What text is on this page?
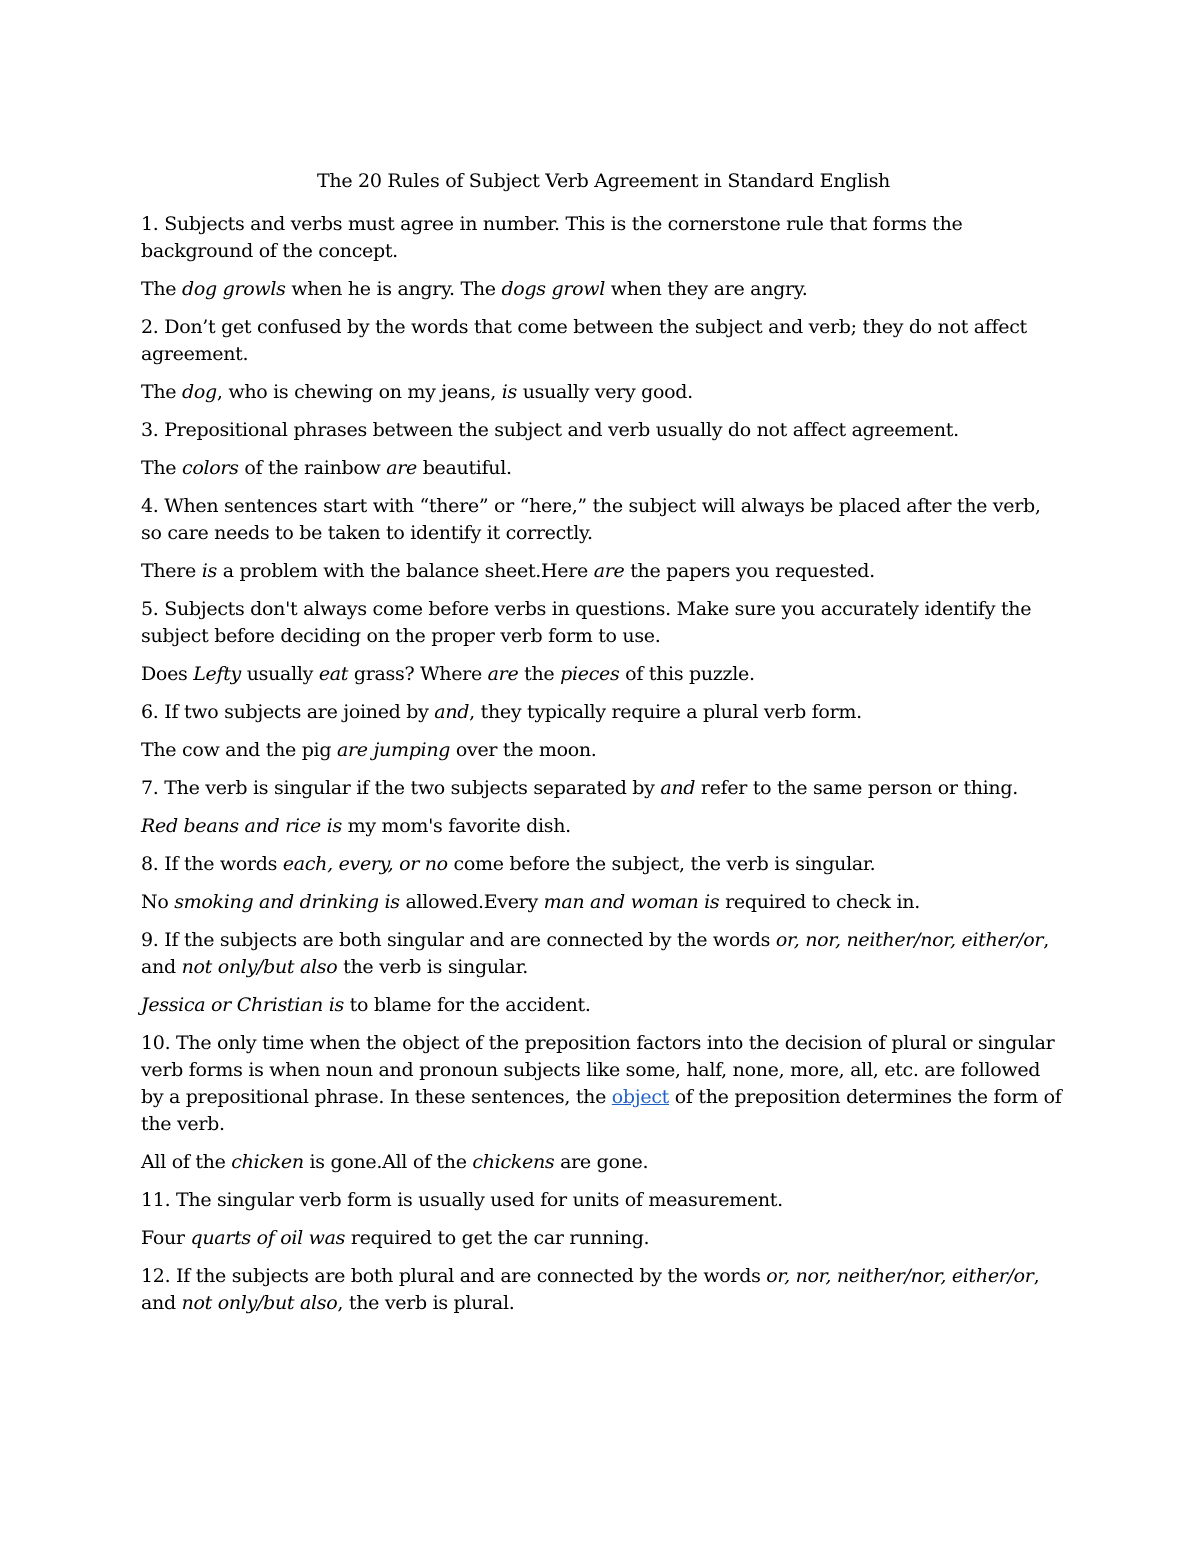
The 20 Rules of Subject Verb Agreement in Standard English

1. Subjects and verbs must agree in number. This is the cornerstone rule that forms the background of the concept.

The dog growls when he is angry. The dogs growl when they are angry.

2. Don’t get confused by the words that come between the subject and verb; they do not affect agreement.

The dog, who is chewing on my jeans, is usually very good.

3. Prepositional phrases between the subject and verb usually do not affect agreement.

The colors of the rainbow are beautiful.

4. When sentences start with “there” or “here,” the subject will always be placed after the verb, so care needs to be taken to identify it correctly.

There is a problem with the balance sheet.Here are the papers you requested.

5. Subjects don't always come before verbs in questions. Make sure you accurately identify the subject before deciding on the proper verb form to use.

Does Lefty usually eat grass? Where are the pieces of this puzzle.

6. If two subjects are joined by and, they typically require a plural verb form.

The cow and the pig are jumping over the moon.

7. The verb is singular if the two subjects separated by and refer to the same person or thing.

Red beans and rice is my mom's favorite dish.

8. If the words each, every, or no come before the subject, the verb is singular.

No smoking and drinking is allowed.Every man and woman is required to check in.

9. If the subjects are both singular and are connected by the words or, nor, neither/nor, either/or, and not only/but also the verb is singular.

Jessica or Christian is to blame for the accident.

10. The only time when the object of the preposition factors into the decision of plural or singular verb forms is when noun and pronoun subjects like some, half, none, more, all, etc. are followed by a prepositional phrase. In these sentences, the object of the preposition determines the form of the verb.

All of the chicken is gone.All of the chickens are gone.

11. The singular verb form is usually used for units of measurement.

Four quarts of oil was required to get the car running.

12. If the subjects are both plural and are connected by the words or, nor, neither/nor, either/or, and not only/but also, the verb is plural.
